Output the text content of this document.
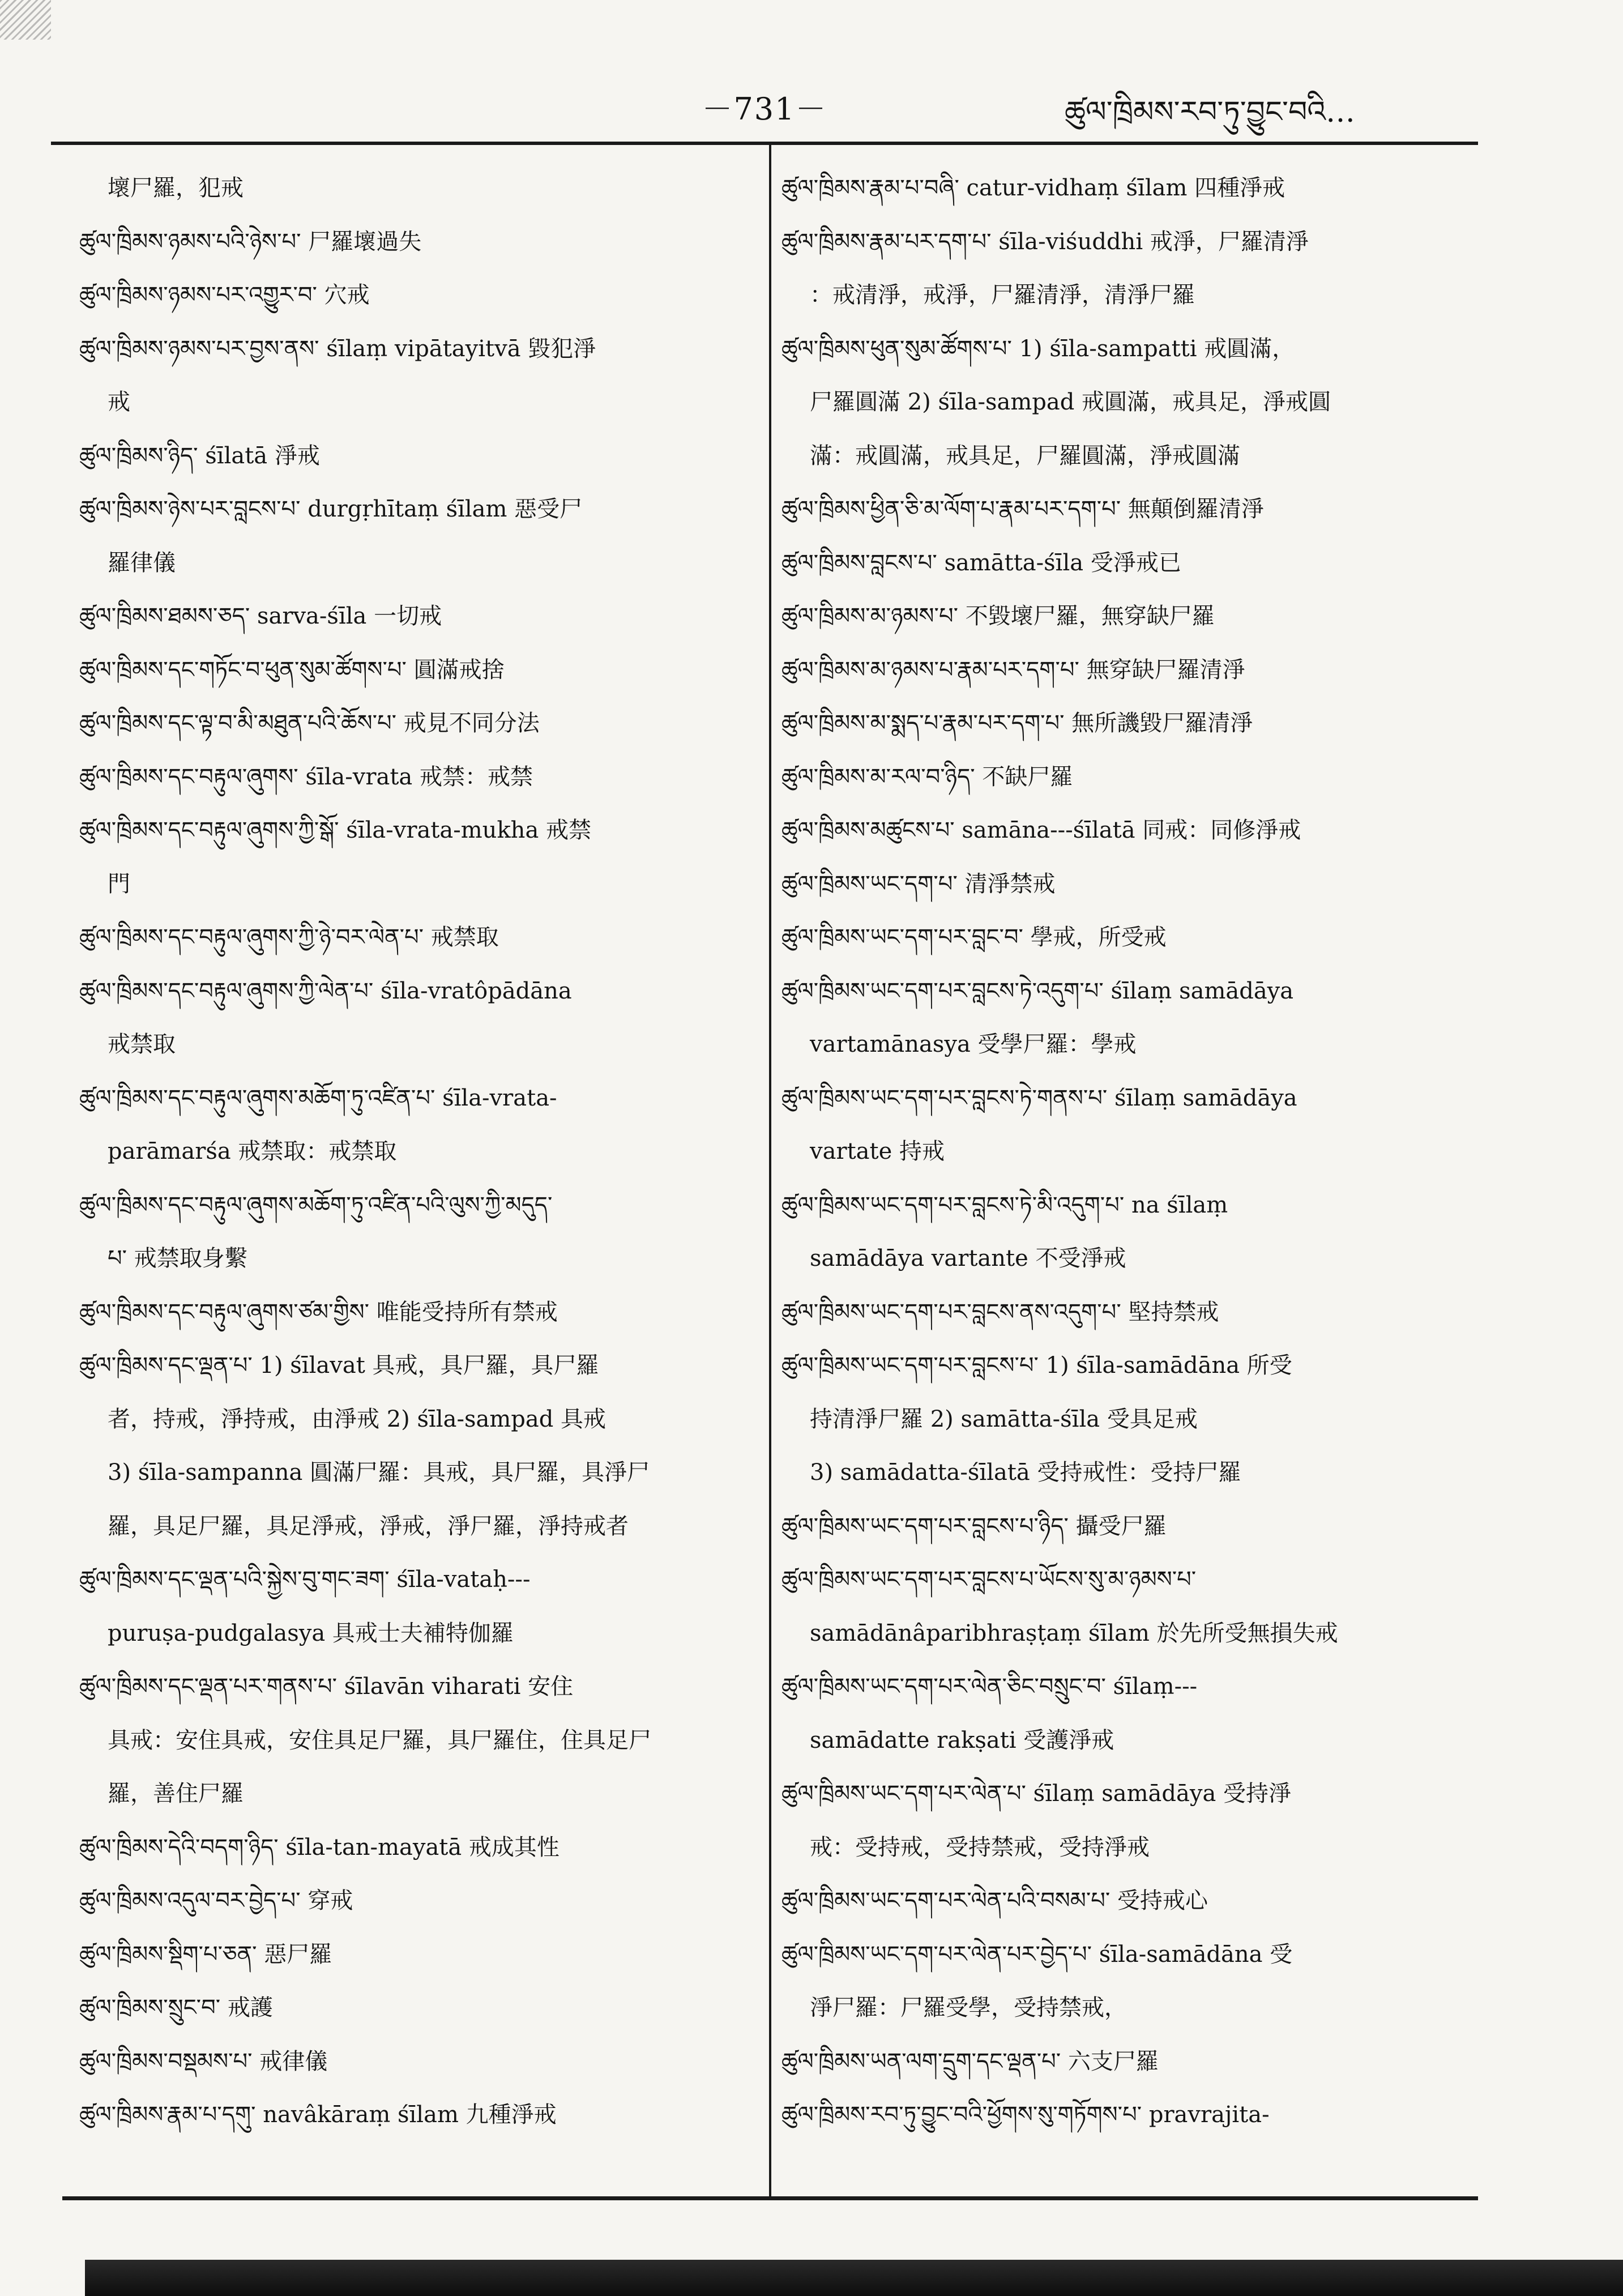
－731－	ཚུལ་ཁྲིམས་རབ་ཏུ་བྱུང་བའི…
壞尸羅，犯戒
ཚུལ་ཁྲིམས་ཉམས་པའི་ཉེས་པ་ 尸羅壞過失
ཚུལ་ཁྲིམས་ཉམས་པར་འགྱུར་བ་ 穴戒
ཚུལ་ཁྲིམས་ཉམས་པར་བྱས་ནས་ śīlaṃ vipātayitvā 毀犯淨
戒
ཚུལ་ཁྲིམས་ཉིད་ śīlatā 淨戒
ཚུལ་ཁྲིམས་ཉེས་པར་བླངས་པ་ durgṛhītaṃ śīlam 惡受尸
羅律儀
ཚུལ་ཁྲིམས་ཐམས་ཅད་ sarva-śīla 一切戒
ཚུལ་ཁྲིམས་དང་གཏོང་བ་ཕུན་སུམ་ཚོགས་པ་ 圓滿戒捨
ཚུལ་ཁྲིམས་དང་ལྟ་བ་མི་མཐུན་པའི་ཆོས་པ་ 戒見不同分法
ཚུལ་ཁྲིམས་དང་བརྟུལ་ཞུགས་ śīla-vrata 戒禁：戒禁
ཚུལ་ཁྲིམས་དང་བརྟུལ་ཞུགས་ཀྱི་སྒོ་ śīla-vrata-mukha 戒禁
門
ཚུལ་ཁྲིམས་དང་བརྟུལ་ཞུགས་ཀྱི་ཉེ་བར་ལེན་པ་ 戒禁取
ཚུལ་ཁྲིམས་དང་བརྟུལ་ཞུགས་ཀྱི་ལེན་པ་ śīla-vratôpādāna
戒禁取
ཚུལ་ཁྲིམས་དང་བརྟུལ་ཞུགས་མཆོག་ཏུ་འཛིན་པ་ śīla-vrata-
parāmarśa 戒禁取：戒禁取
ཚུལ་ཁྲིམས་དང་བརྟུལ་ཞུགས་མཆོག་ཏུ་འཛིན་པའི་ལུས་ཀྱི་མདུད་
པ་ 戒禁取身繫
ཚུལ་ཁྲིམས་དང་བརྟུལ་ཞུགས་ཙམ་གྱིས་ 唯能受持所有禁戒
ཚུལ་ཁྲིམས་དང་ལྡན་པ་ 1) śīlavat 具戒，具尸羅，具尸羅
者，持戒，淨持戒，由淨戒 2) śīla-sampad 具戒
3) śīla-sampanna 圓滿尸羅：具戒，具尸羅，具淨尸
羅，具足尸羅，具足淨戒，淨戒，淨尸羅，淨持戒者
ཚུལ་ཁྲིམས་དང་ལྡན་པའི་སྐྱེས་བུ་གང་ཟག་ śīla-vataḥ---
puruṣa-pudgalasya 具戒士夫補特伽羅
ཚུལ་ཁྲིམས་དང་ལྡན་པར་གནས་པ་ śīlavān viharati 安住
具戒：安住具戒，安住具足尸羅，具尸羅住，住具足尸
羅，善住尸羅
ཚུལ་ཁྲིམས་དེའི་བདག་ཉིད་ śīla-tan-mayatā 戒成其性
ཚུལ་ཁྲིམས་འདུལ་བར་བྱེད་པ་ 穿戒
ཚུལ་ཁྲིམས་སྡིག་པ་ཅན་ 惡尸羅
ཚུལ་ཁྲིམས་སྲུང་བ་ 戒護
ཚུལ་ཁྲིམས་བསྡམས་པ་ 戒律儀
ཚུལ་ཁྲིམས་རྣམ་པ་དགུ་ navâkāraṃ śīlam 九種淨戒
ཚུལ་ཁྲིམས་རྣམ་པ་བཞི་ catur-vidhaṃ śīlam 四種淨戒
ཚུལ་ཁྲིམས་རྣམ་པར་དག་པ་ śīla-viśuddhi 戒淨，尸羅清淨
：戒清淨，戒淨，尸羅清淨，清淨尸羅
ཚུལ་ཁྲིམས་ཕུན་སུམ་ཚོགས་པ་ 1) śīla-sampatti 戒圓滿，
尸羅圓滿 2) śīla-sampad 戒圓滿，戒具足，淨戒圓
滿：戒圓滿，戒具足，尸羅圓滿，淨戒圓滿
ཚུལ་ཁྲིམས་ཕྱིན་ཅི་མ་ལོག་པ་རྣམ་པར་དག་པ་ 無顛倒羅清淨
ཚུལ་ཁྲིམས་བླངས་པ་ samātta-śīla 受淨戒已
ཚུལ་ཁྲིམས་མ་ཉམས་པ་ 不毀壞尸羅，無穿缺尸羅
ཚུལ་ཁྲིམས་མ་ཉམས་པ་རྣམ་པར་དག་པ་ 無穿缺尸羅清淨
ཚུལ་ཁྲིམས་མ་སྨད་པ་རྣམ་པར་དག་པ་ 無所譏毀尸羅清淨
ཚུལ་ཁྲིམས་མ་རལ་བ་ཉིད་ 不缺尸羅
ཚུལ་ཁྲིམས་མཚུངས་པ་ samāna---śīlatā 同戒：同修淨戒
ཚུལ་ཁྲིམས་ཡང་དག་པ་ 清淨禁戒
ཚུལ་ཁྲིམས་ཡང་དག་པར་བླང་བ་ 學戒，所受戒
ཚུལ་ཁྲིམས་ཡང་དག་པར་བླངས་ཏེ་འདུག་པ་ śīlaṃ samādāya
vartamānasya 受學尸羅：學戒
ཚུལ་ཁྲིམས་ཡང་དག་པར་བླངས་ཏེ་གནས་པ་ śīlaṃ samādāya
vartate 持戒
ཚུལ་ཁྲིམས་ཡང་དག་པར་བླངས་ཏེ་མི་འདུག་པ་ na śīlaṃ
samādāya vartante 不受淨戒
ཚུལ་ཁྲིམས་ཡང་དག་པར་བླངས་ནས་འདུག་པ་ 堅持禁戒
ཚུལ་ཁྲིམས་ཡང་དག་པར་བླངས་པ་ 1) śīla-samādāna 所受
持清淨尸羅 2) samātta-śīla 受具足戒
3) samādatta-śīlatā 受持戒性：受持尸羅
ཚུལ་ཁྲིམས་ཡང་དག་པར་བླངས་པ་ཉིད་ 攝受尸羅
ཚུལ་ཁྲིམས་ཡང་དག་པར་བླངས་པ་ཡོངས་སུ་མ་ཉམས་པ་
samādānâparibhraṣṭaṃ śīlam 於先所受無損失戒
ཚུལ་ཁྲིམས་ཡང་དག་པར་ལེན་ཅིང་བསྲུང་བ་ śīlaṃ---
samādatte rakṣati 受護淨戒
ཚུལ་ཁྲིམས་ཡང་དག་པར་ལེན་པ་ śīlaṃ samādāya 受持淨
戒：受持戒，受持禁戒，受持淨戒
ཚུལ་ཁྲིམས་ཡང་དག་པར་ལེན་པའི་བསམ་པ་ 受持戒心
ཚུལ་ཁྲིམས་ཡང་དག་པར་ལེན་པར་བྱེད་པ་ śīla-samādāna 受
淨尸羅：尸羅受學，受持禁戒，
ཚུལ་ཁྲིམས་ཡན་ལག་དྲུག་དང་ལྡན་པ་ 六支尸羅
ཚུལ་ཁྲིམས་རབ་ཏུ་བྱུང་བའི་ཕྱོགས་སུ་གཏོགས་པ་ pravrajita-
